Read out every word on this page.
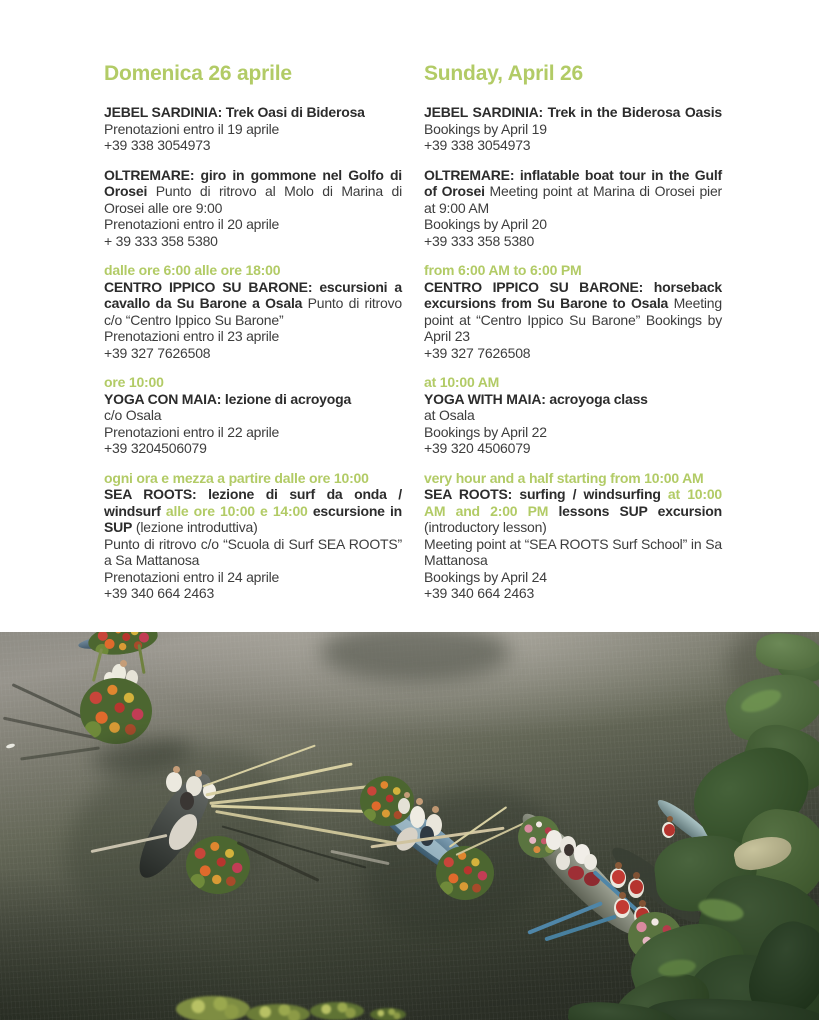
Domenica 26 aprile
JEBEL SARDINIA: Trek Oasi di Biderosa
Prenotazioni entro il 19 aprile
+39 338 3054973
OLTREMARE: giro in gommone nel Golfo di Orosei Punto di ritrovo al Molo di Marina di Orosei alle ore 9:00
Prenotazioni entro il 20 aprile
+ 39 333 358 5380
dalle ore 6:00 alle ore 18:00
CENTRO IPPICO SU BARONE: escursioni a cavallo da Su Barone a Osala Punto di ritrovo c/o “Centro Ippico Su Barone”
Prenotazioni entro il 23 aprile
+39 327 7626508
ore 10:00
YOGA CON MAIA: lezione di acroyoga
c/o Osala
Prenotazioni entro il 22 aprile
+39 3204506079
ogni ora e mezza a partire dalle ore 10:00
SEA ROOTS: lezione di surf da onda / windsurf alle ore 10:00 e 14:00 escursione in SUP (lezione introduttiva)
Punto di ritrovo c/o “Scuola di Surf SEA ROOTS” a Sa Mattanosa
Prenotazioni entro il 24 aprile
+39 340 664 2463
Sunday, April 26
JEBEL SARDINIA: Trek in the Biderosa Oasis Bookings by April 19
+39 338 3054973
OLTREMARE: inflatable boat tour in the Gulf of Orosei Meeting point at Marina di Orosei pier at 9:00 AM
Bookings by April 20
+39 333 358 5380
from 6:00 AM to 6:00 PM
CENTRO IPPICO SU BARONE: horseback excursions from Su Barone to Osala Meeting point at “Centro Ippico Su Barone” Bookings by April 23
+39 327 7626508
at 10:00 AM
YOGA WITH MAIA: acroyoga class
at Osala
Bookings by April 22
+39 320 4506079
very hour and a half starting from 10:00 AM
SEA ROOTS: surfing / windsurfing at 10:00 AM and 2:00 PM lessons SUP excursion (introductory lesson)
Meeting point at “SEA ROOTS Surf School” in Sa Mattanosa
Bookings by April 24
+39 340 664 2463
